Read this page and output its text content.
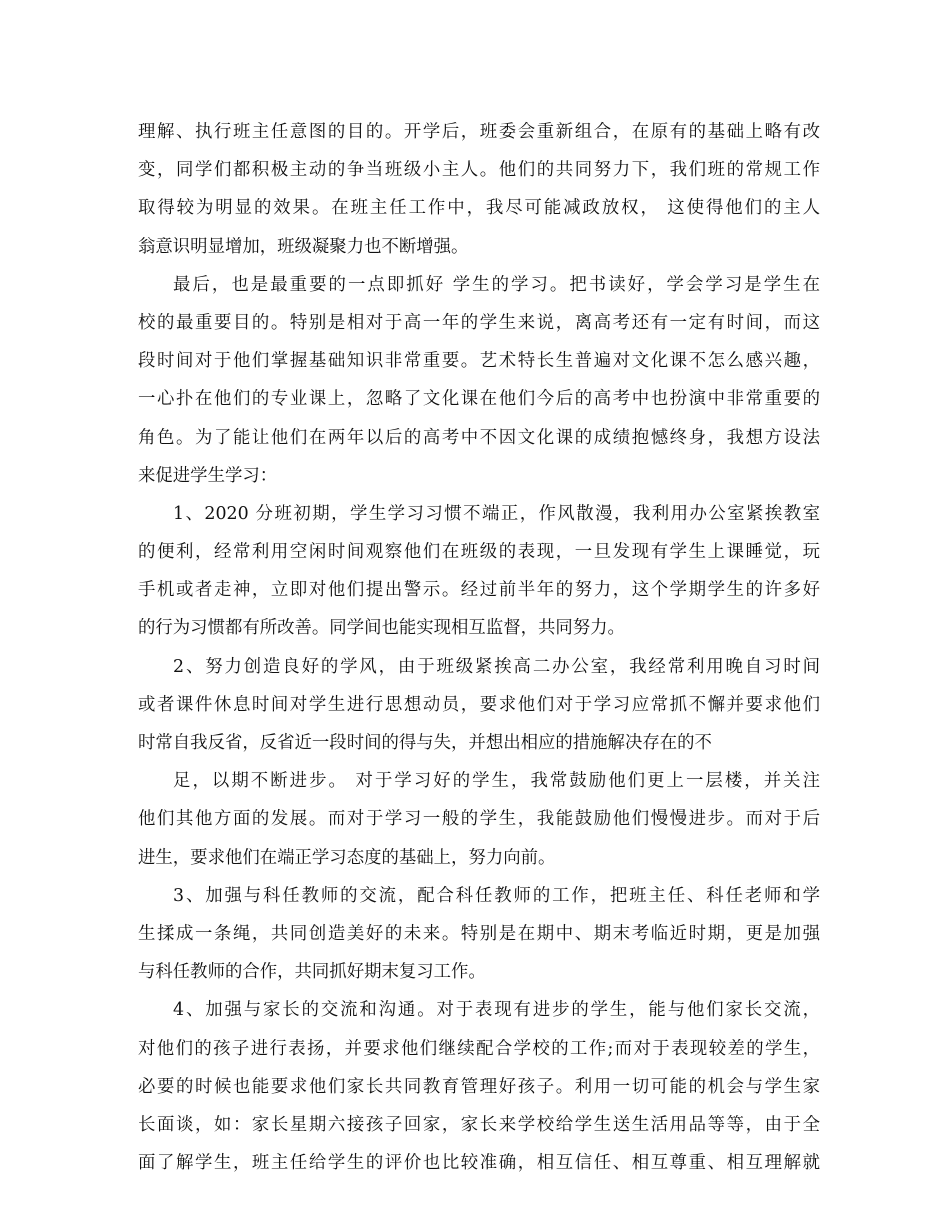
理解、执行班主任意图的目的。开学后，班委会重新组合，在原有的基础上略有改
变，同学们都积极主动的争当班级小主人。他们的共同努力下，我们班的常规工作
取得较为明显的效果。在班主任工作中，我尽可能减政放权， 这使得他们的主人
翁意识明显增加，班级凝聚力也不断增强。
最后，也是最重要的一点即抓好 学生的学习。把书读好，学会学习是学生在
校的最重要目的。特别是相对于高一年的学生来说，离高考还有一定有时间，而这
段时间对于他们掌握基础知识非常重要。艺术特长生普遍对文化课不怎么感兴趣，
一心扑在他们的专业课上，忽略了文化课在他们今后的高考中也扮演中非常重要的
角色。为了能让他们在两年以后的高考中不因文化课的成绩抱憾终身，我想方设法
来促进学生学习：
1、2020 分班初期，学生学习习惯不端正，作风散漫，我利用办公室紧挨教室
的便利，经常利用空闲时间观察他们在班级的表现，一旦发现有学生上课睡觉，玩
手机或者走神，立即对他们提出警示。经过前半年的努力，这个学期学生的许多好
的行为习惯都有所改善。同学间也能实现相互监督，共同努力。
2、努力创造良好的学风，由于班级紧挨高二办公室，我经常利用晚自习时间
或者课件休息时间对学生进行思想动员，要求他们对于学习应常抓不懈并要求他们
时常自我反省，反省近一段时间的得与失，并想出相应的措施解决存在的不
足，以期不断进步。 对于学习好的学生，我常鼓励他们更上一层楼，并关注
他们其他方面的发展。而对于学习一般的学生，我能鼓励他们慢慢进步。而对于后
进生，要求他们在端正学习态度的基础上，努力向前。
3、加强与科任教师的交流，配合科任教师的工作，把班主任、科任老师和学
生揉成一条绳，共同创造美好的未来。特别是在期中、期末考临近时期，更是加强
与科任教师的合作，共同抓好期末复习工作。
4、加强与家长的交流和沟通。对于表现有进步的学生，能与他们家长交流，
对他们的孩子进行表扬，并要求他们继续配合学校的工作;而对于表现较差的学生，
必要的时候也能要求他们家长共同教育管理好孩子。利用一切可能的机会与学生家
长面谈，如：家长星期六接孩子回家，家长来学校给学生送生活用品等等，由于全
面了解学生，班主任给学生的评价也比较准确，相互信任、相互尊重、相互理解就
